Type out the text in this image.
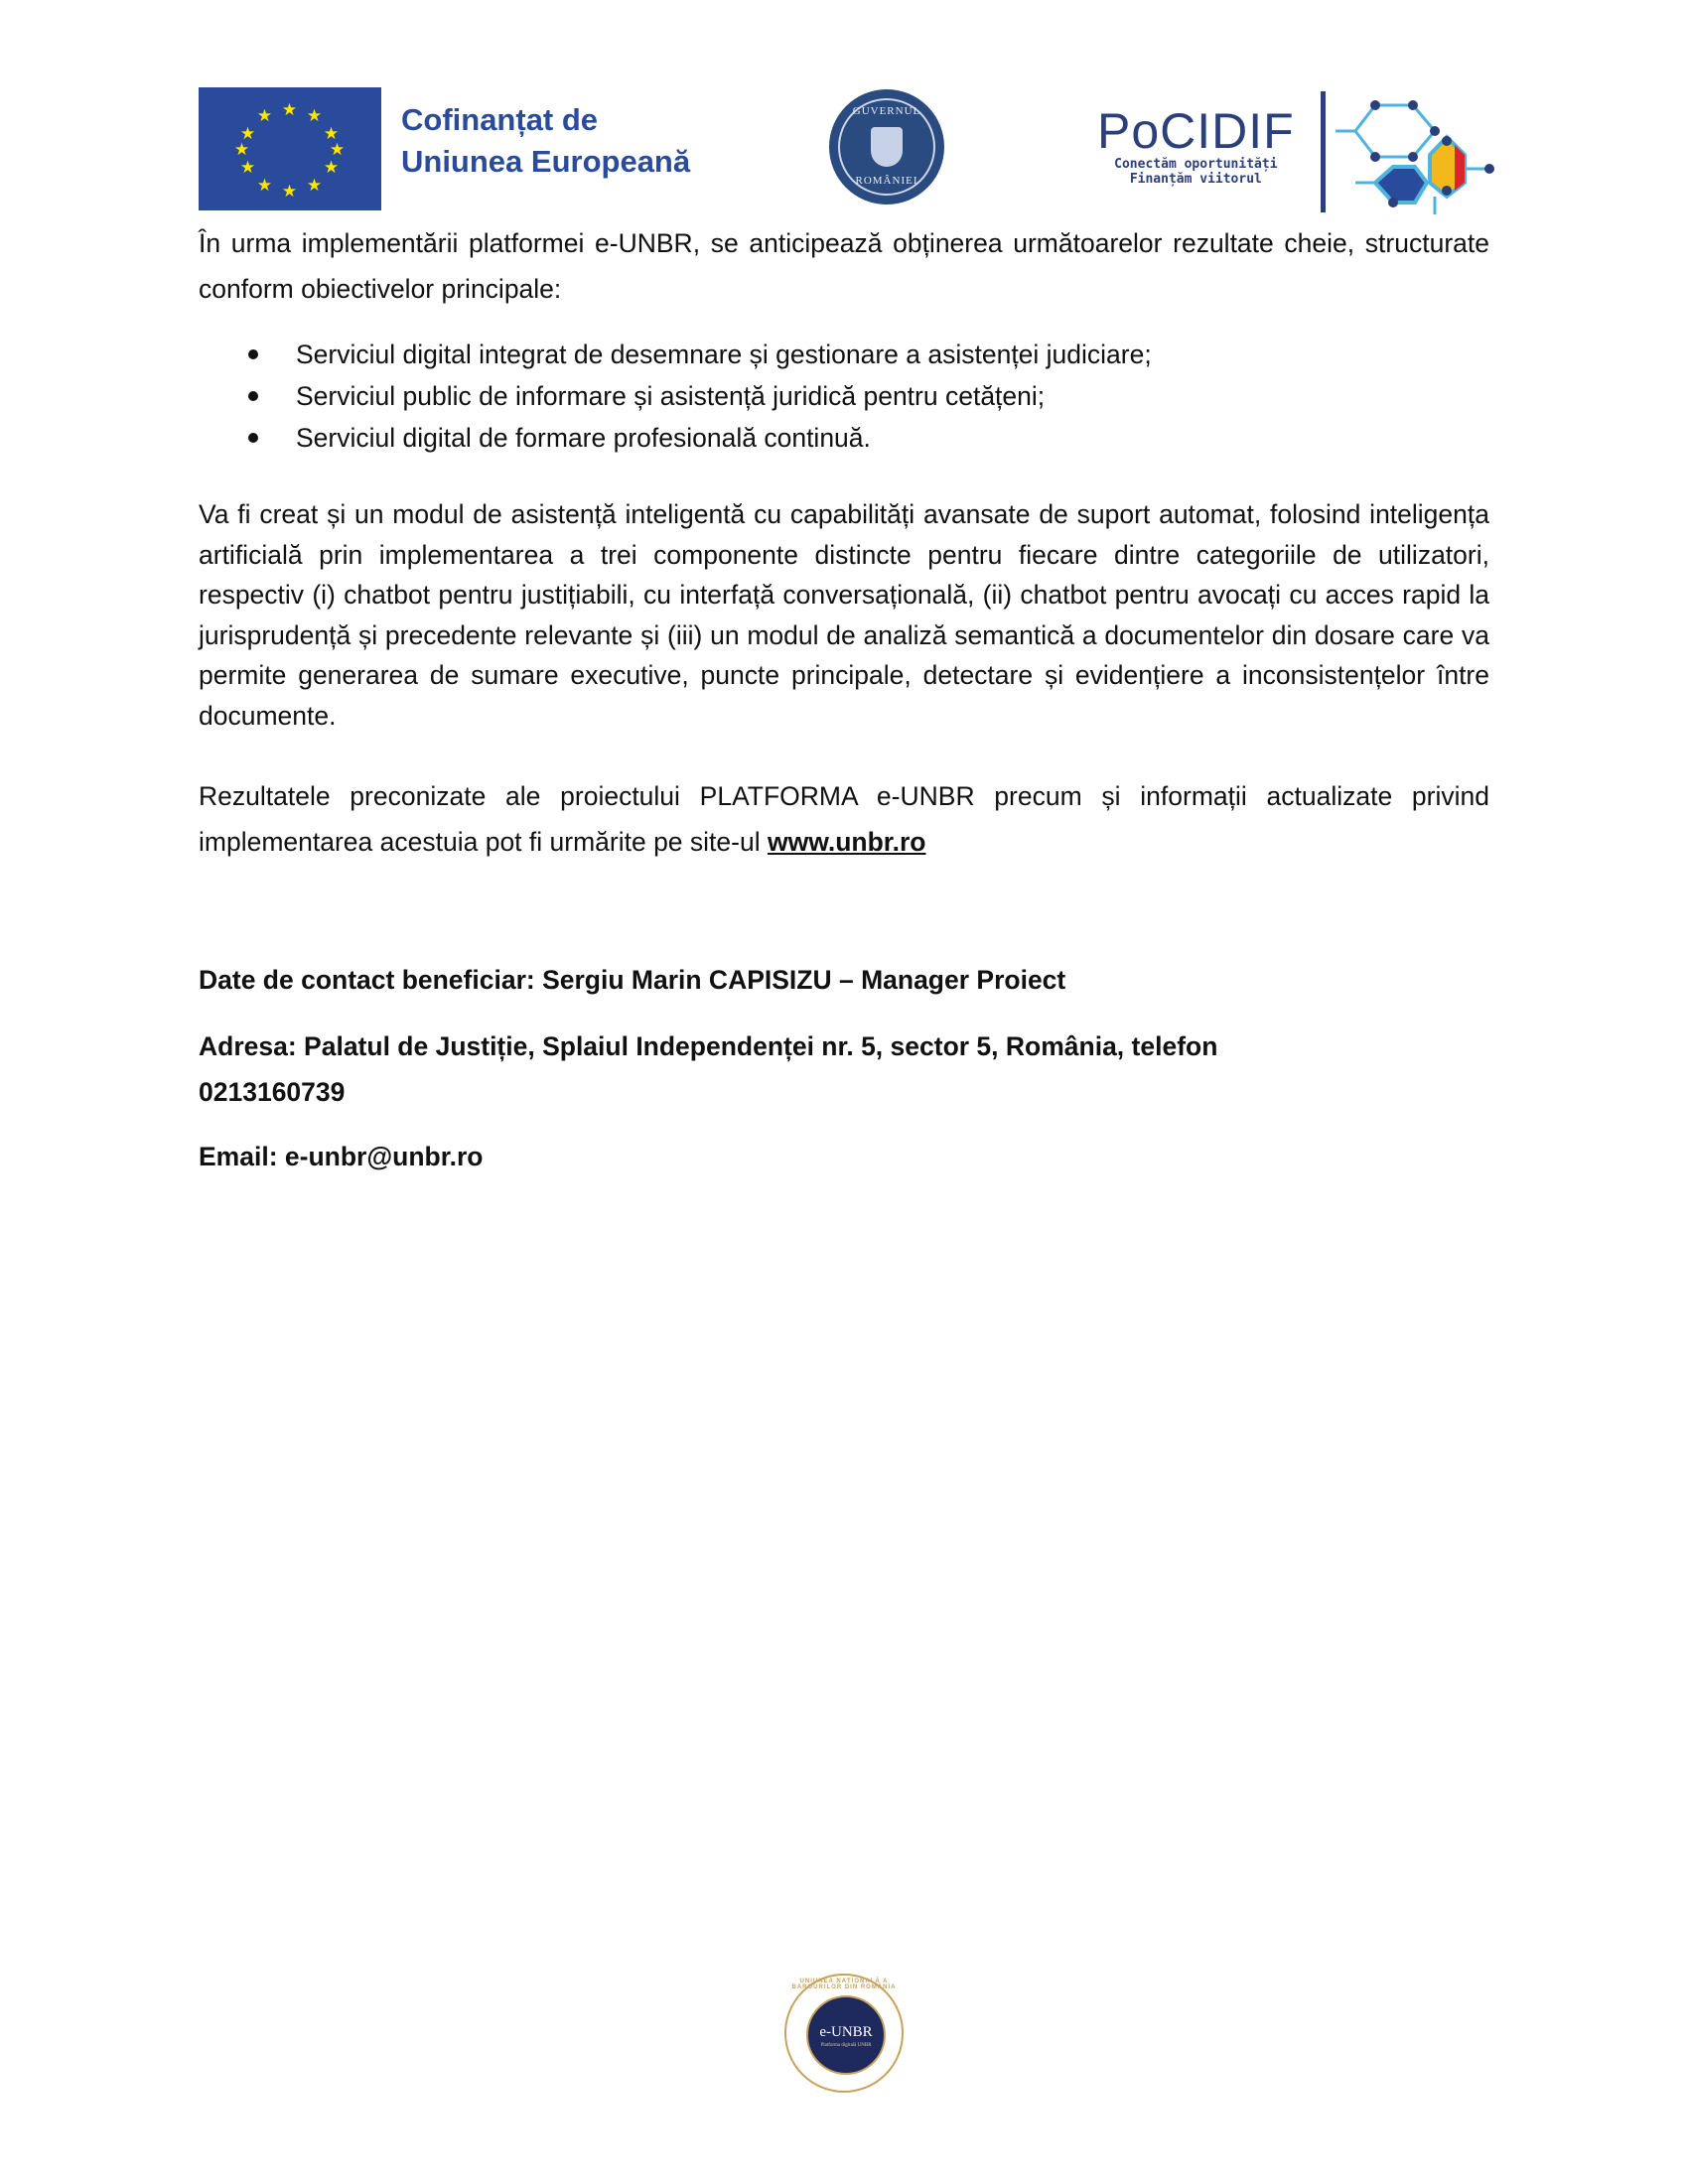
★ ★
★
★
★
★
★
★
★
★
★
★	Cofinanțat de
Uniunea Europeană
GUVERNUL
ROMÂNIEI
PoCIDIF
Conectăm oportunități
Finanțăm viitorul

În urma implementării platformei e-UNBR, se anticipează obținerea următoarelor rezultate cheie, structurate conform obiectivelor principale:

Serviciul digital integrat de desemnare și gestionare a asistenței judiciare;
Serviciul public de informare și asistență juridică pentru cetățeni;
Serviciul digital de formare profesională continuă.

Va fi creat și un modul de asistență inteligentă cu capabilități avansate de suport automat, folosind inteligența artificială prin implementarea a trei componente distincte pentru fiecare dintre categoriile de utilizatori, respectiv (i) chatbot pentru justițiabili, cu interfață conversațională, (ii) chatbot pentru avocați cu acces rapid la jurisprudență și precedente relevante și (iii) un modul de analiză semantică a documentelor din dosare care va permite generarea de sumare executive, puncte principale, detectare și evidențiere a inconsistențelor între documente.

Rezultatele preconizate ale proiectului PLATFORMA e-UNBR precum și informații actualizate privind implementarea acestuia pot fi urmărite pe site-ul www.unbr.ro

Date de contact beneficiar: Sergiu Marin CAPISIZU – Manager Proiect

Adresa: Palatul de Justiție, Splaiul Independenței nr. 5, sector 5, România, telefon 0213160739

Email: e-unbr@unbr.ro

UNIUNEA NAȚIONALĂ A BAROURILOR DIN ROMÂNIA
e-UNBR
Platforma digitală UNBR
